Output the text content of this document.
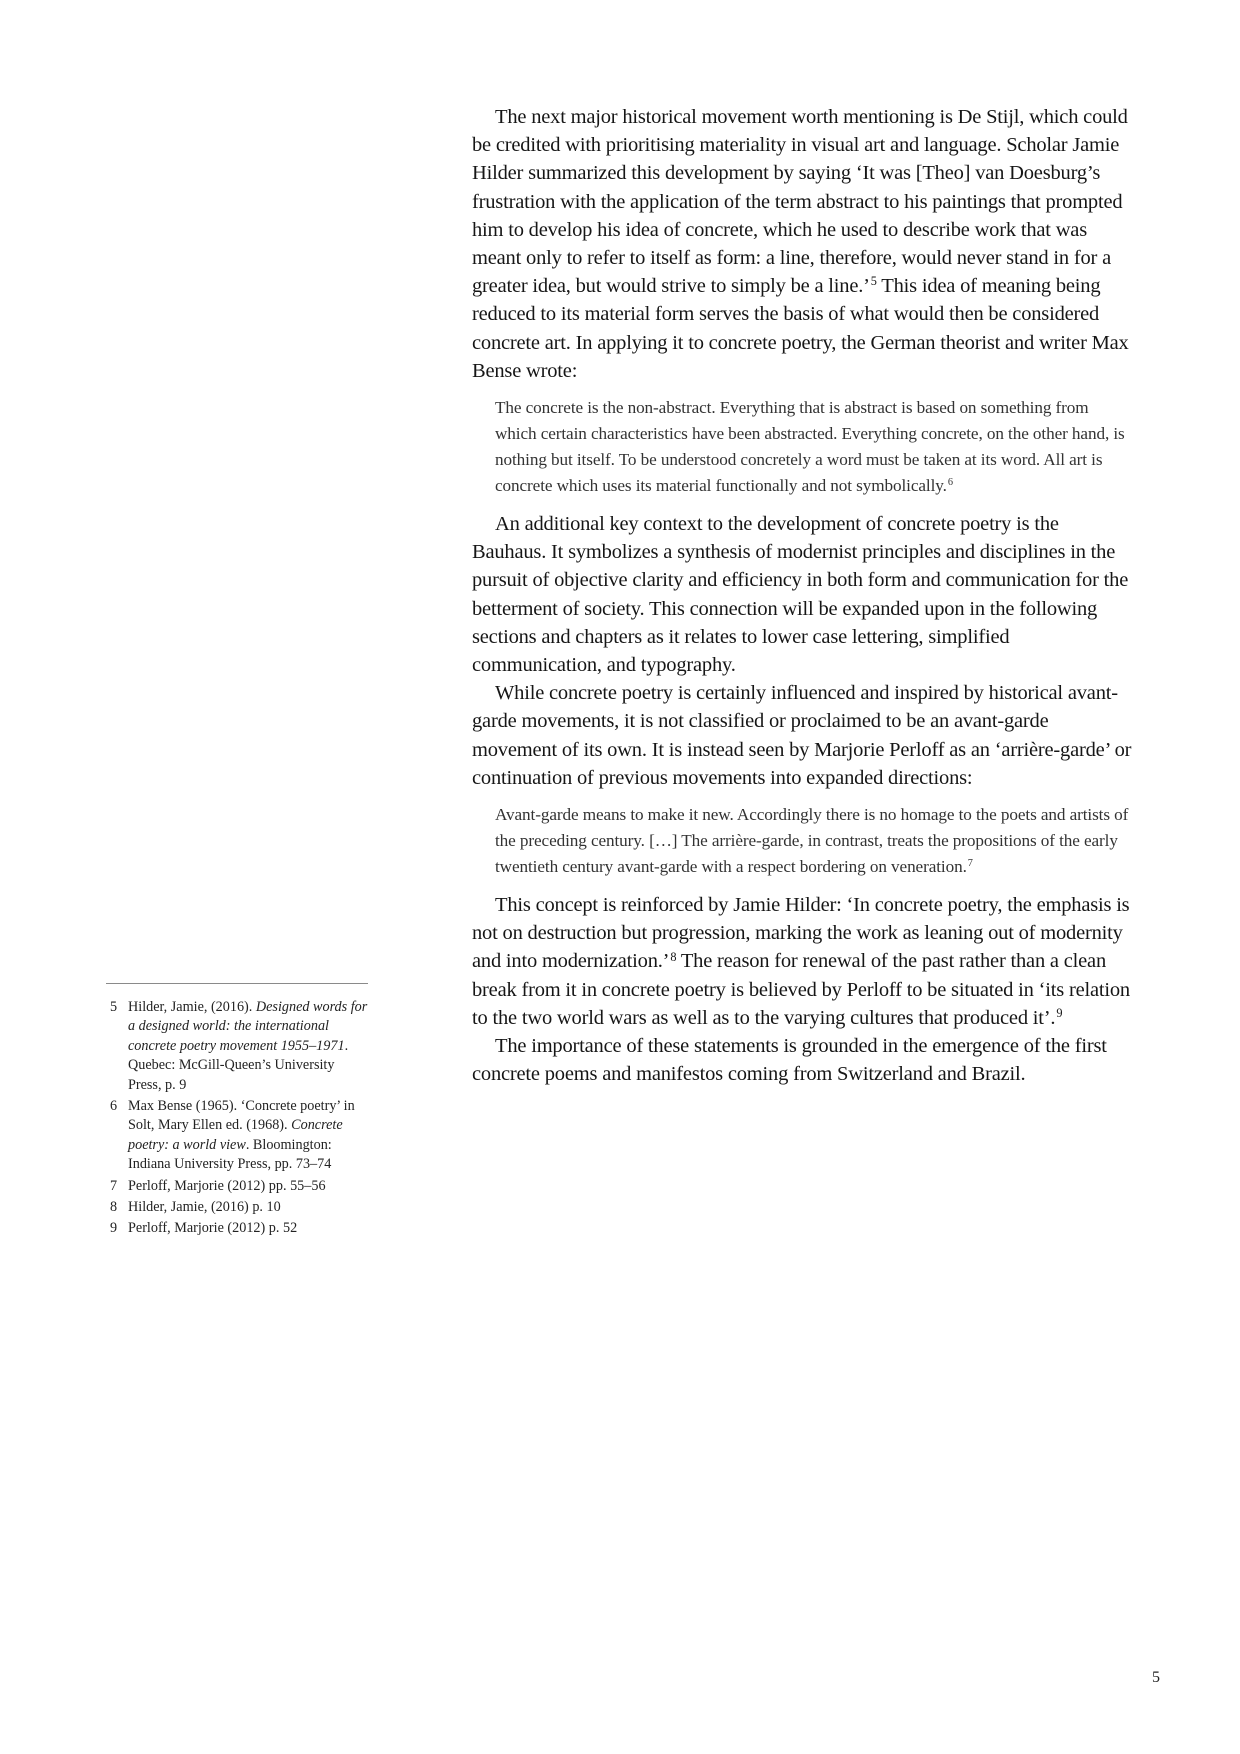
The next major historical movement worth mentioning is De Stijl, which could be credited with prioritising materiality in visual art and language. Scholar Jamie Hilder summarized this development by saying ‘It was [Theo] van Doesburg’s frustration with the application of the term abstract to his paintings that prompted him to develop his idea of concrete, which he used to describe work that was meant only to refer to itself as form: a line, therefore, would never stand in for a greater idea, but would strive to simply be a line.’$^5$ This idea of meaning being reduced to its material form serves the basis of what would then be considered concrete art. In applying it to concrete poetry, the German theorist and writer Max Bense wrote:

The concrete is the non-abstract. Everything that is abstract is based on something from which certain characteristics have been abstracted. Everything concrete, on the other hand, is nothing but itself. To be understood concretely a word must be taken at its word. All art is concrete which uses its material functionally and not symbolically.$^6$

An additional key context to the development of concrete poetry is the Bauhaus. It symbolizes a synthesis of modernist principles and disciplines in the pursuit of objective clarity and efficiency in both form and communication for the betterment of society. This connection will be expanded upon in the following sections and chapters as it relates to lower case lettering, simplified communication, and typography.

While concrete poetry is certainly influenced and inspired by historical avant-garde movements, it is not classified or proclaimed to be an avant-garde movement of its own. It is instead seen by Marjorie Perloff as an ‘arrière-garde’ or continuation of previous movements into expanded directions:

Avant-garde means to make it new. Accordingly there is no homage to the poets and artists of the preceding century. […] The arrière-garde, in contrast, treats the propositions of the early twentieth century avant-garde with a respect bordering on veneration.$^7$

This concept is reinforced by Jamie Hilder: ‘In concrete poetry, the emphasis is not on destruction but progression, marking the work as leaning out of modernity and into modernization.’$^8$ The reason for renewal of the past rather than a clean break from it in concrete poetry is believed by Perloff to be situated in ‘its relation to the two world wars as well as to the varying cultures that produced it’.$^9$

The importance of these statements is grounded in the emergence of the first concrete poems and manifestos coming from Switzerland and Brazil.

5 Hilder, Jamie, (2016). Designed words for a designed world: the international concrete poetry movement 1955–1971. Quebec: McGill-Queen’s University Press, p. 9
6 Max Bense (1965). ‘Concrete poetry’ in Solt, Mary Ellen ed. (1968). Concrete poetry: a world view. Bloomington: Indiana University Press, pp. 73–74
7 Perloff, Marjorie (2012) pp. 55–56
8 Hilder, Jamie, (2016) p. 10
9 Perloff, Marjorie (2012) p. 52
5
